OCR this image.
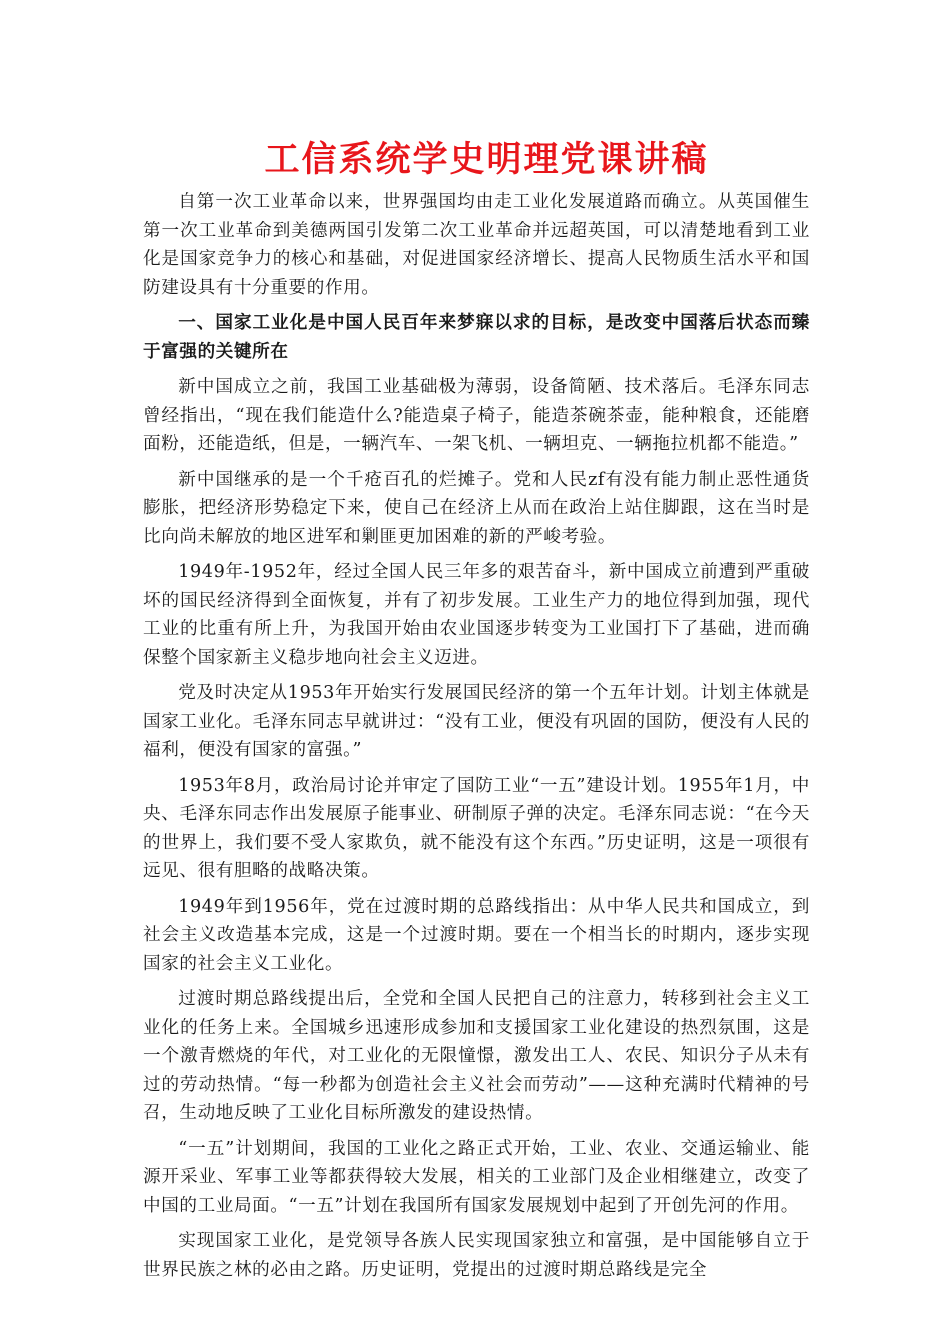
工信系统学史明理党课讲稿

自第一次工业革命以来，世界强国均由走工业化发展道路而确立。从英国催生第一次工业革命到美德两国引发第二次工业革命并远超英国，可以清楚地看到工业化是国家竞争力的核心和基础，对促进国家经济增长、提高人民物质生活水平和国防建设具有十分重要的作用。

一、国家工业化是中国人民百年来梦寐以求的目标，是改变中国落后状态而臻于富强的关键所在

新中国成立之前，我国工业基础极为薄弱，设备简陋、技术落后。毛泽东同志曾经指出，“现在我们能造什么?能造桌子椅子，能造茶碗茶壶，能种粮食，还能磨面粉，还能造纸，但是，一辆汽车、一架飞机、一辆坦克、一辆拖拉机都不能造。”

新中国继承的是一个千疮百孔的烂摊子。党和人民zf有没有能力制止恶性通货膨胀，把经济形势稳定下来，使自己在经济上从而在政治上站住脚跟，这在当时是比向尚未解放的地区进军和剿匪更加困难的新的严峻考验。

1949年-1952年，经过全国人民三年多的艰苦奋斗，新中国成立前遭到严重破坏的国民经济得到全面恢复，并有了初步发展。工业生产力的地位得到加强，现代工业的比重有所上升，为我国开始由农业国逐步转变为工业国打下了基础，进而确保整个国家新主义稳步地向社会主义迈进。

党及时决定从1953年开始实行发展国民经济的第一个五年计划。计划主体就是国家工业化。毛泽东同志早就讲过：“没有工业，便没有巩固的国防，便没有人民的福利，便没有国家的富强。”

1953年8月，政治局讨论并审定了国防工业“一五”建设计划。1955年1月，中央、毛泽东同志作出发展原子能事业、研制原子弹的决定。毛泽东同志说：“在今天的世界上，我们要不受人家欺负，就不能没有这个东西。”历史证明，这是一项很有远见、很有胆略的战略决策。

1949年到1956年，党在过渡时期的总路线指出：从中华人民共和国成立，到社会主义改造基本完成，这是一个过渡时期。要在一个相当长的时期内，逐步实现国家的社会主义工业化。

过渡时期总路线提出后，全党和全国人民把自己的注意力，转移到社会主义工业化的任务上来。全国城乡迅速形成参加和支援国家工业化建设的热烈氛围，这是一个激青燃烧的年代，对工业化的无限憧憬，激发出工人、农民、知识分子从未有过的劳动热情。“每一秒都为创造社会主义社会而劳动”——这种充满时代精神的号召，生动地反映了工业化目标所激发的建设热情。

“一五”计划期间，我国的工业化之路正式开始，工业、农业、交通运输业、能源开采业、军事工业等都获得较大发展，相关的工业部门及企业相继建立，改变了中国的工业局面。“一五”计划在我国所有国家发展规划中起到了开创先河的作用。

实现国家工业化，是党领导各族人民实现国家独立和富强，是中国能够自立于世界民族之林的必由之路。历史证明，党提出的过渡时期总路线是完全
